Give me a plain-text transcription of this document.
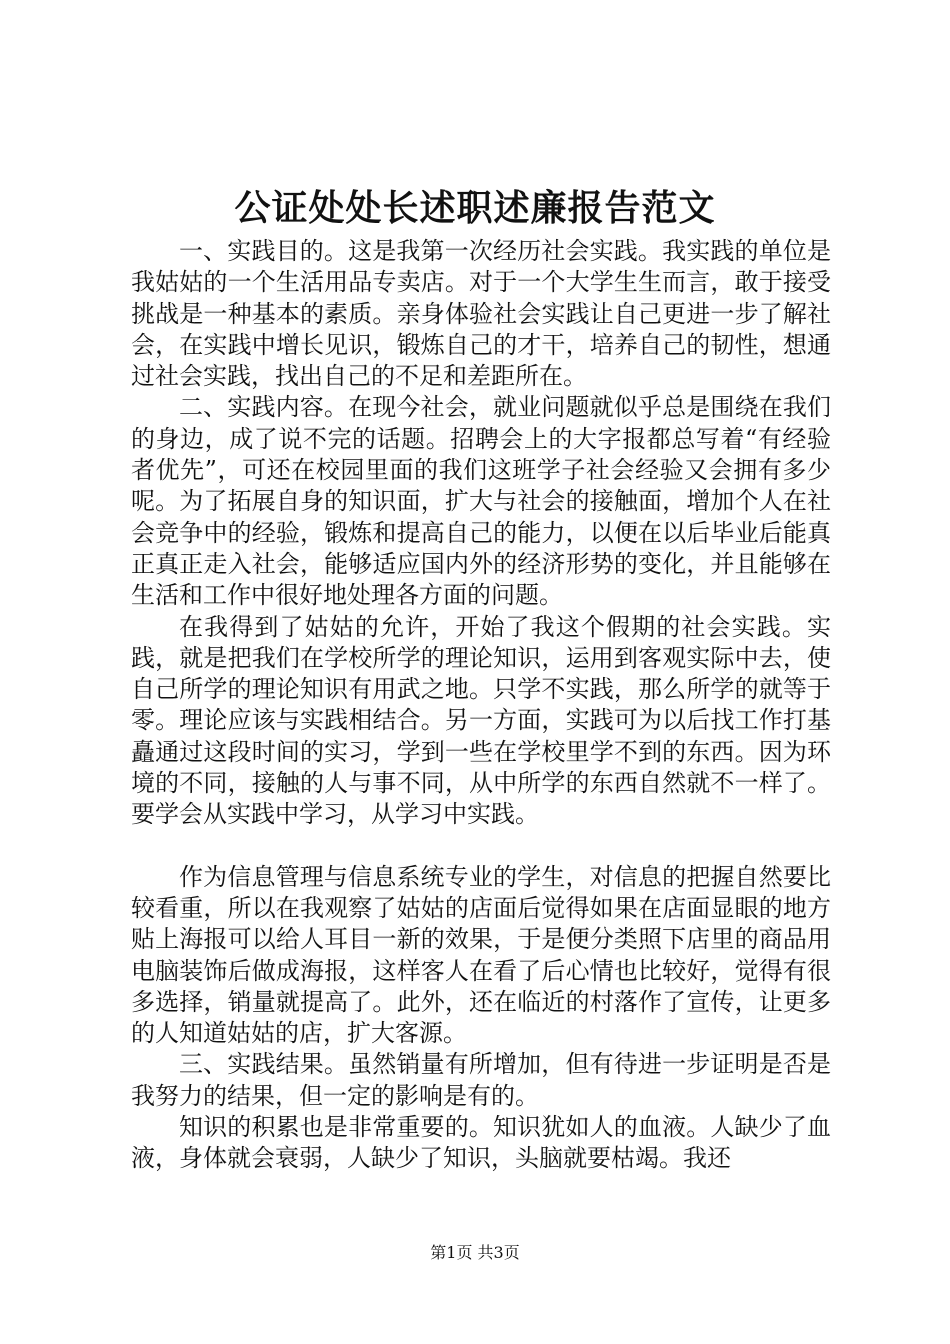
公证处处长述职述廉报告范文

一、实践目的。这是我第一次经历社会实践。我实践的单位是我姑姑的一个生活用品专卖店。对于一个大学生生而言，敢于接受挑战是一种基本的素质。亲身体验社会实践让自己更进一步了解社会，在实践中增长见识，锻炼自己的才干，培养自己的韧性，想通过社会实践，找出自己的不足和差距所在。

二、实践内容。在现今社会，就业问题就似乎总是围绕在我们的身边，成了说不完的话题。招聘会上的大字报都总写着“有经验者优先”，可还在校园里面的我们这班学子社会经验又会拥有多少呢。为了拓展自身的知识面，扩大与社会的接触面，增加个人在社会竞争中的经验，锻炼和提高自己的能力，以便在以后毕业后能真正真正走入社会，能够适应国内外的经济形势的变化，并且能够在生活和工作中很好地处理各方面的问题。

在我得到了姑姑的允许，开始了我这个假期的社会实践。实践，就是把我们在学校所学的理论知识，运用到客观实际中去，使自己所学的理论知识有用武之地。只学不实践，那么所学的就等于零。理论应该与实践相结合。另一方面，实践可为以后找工作打基矗通过这段时间的实习，学到一些在学校里学不到的东西。因为环境的不同，接触的人与事不同，从中所学的东西自然就不一样了。要学会从实践中学习，从学习中实践。

作为信息管理与信息系统专业的学生，对信息的把握自然要比较看重，所以在我观察了姑姑的店面后觉得如果在店面显眼的地方贴上海报可以给人耳目一新的效果，于是便分类照下店里的商品用电脑装饰后做成海报，这样客人在看了后心情也比较好，觉得有很多选择，销量就提高了。此外，还在临近的村落作了宣传，让更多的人知道姑姑的店，扩大客源。

三、实践结果。虽然销量有所增加，但有待进一步证明是否是我努力的结果，但一定的影响是有的。

知识的积累也是非常重要的。知识犹如人的血液。人缺少了血液，身体就会衰弱，人缺少了知识，头脑就要枯竭。我还

第1页 共3页
